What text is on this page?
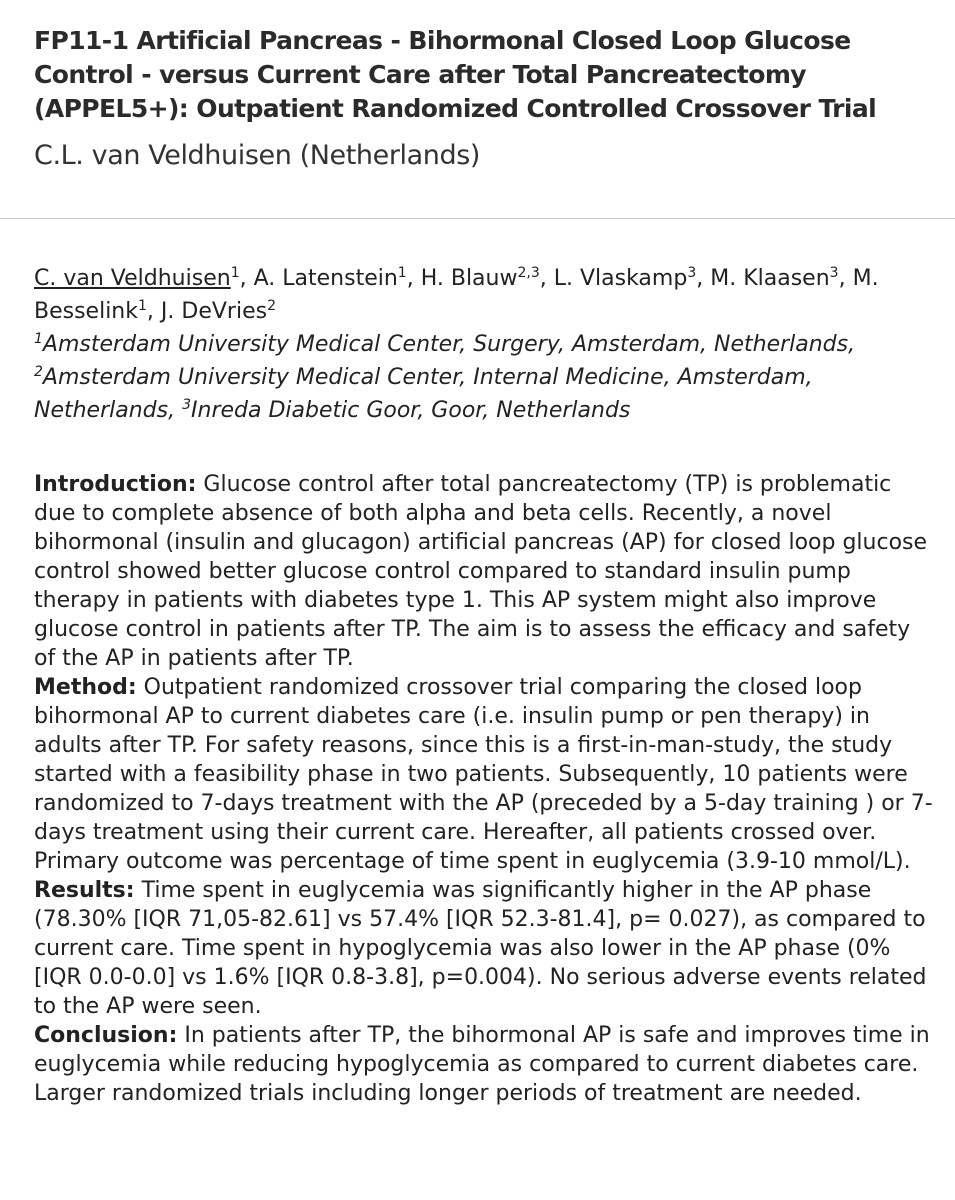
FP11-1 Artificial Pancreas - Bihormonal Closed Loop Glucose Control - versus Current Care after Total Pancreatectomy (APPEL5+): Outpatient Randomized Controlled Crossover Trial
C.L. van Veldhuisen (Netherlands)
C. van Veldhuisen$^1$, A. Latenstein$^1$, H. Blauw$^{2,3}$, L. Vlaskamp$^3$, M. Klaasen$^3$, M. Besselink$^1$, J. DeVries$^2$
$^1$Amsterdam University Medical Center, Surgery, Amsterdam, Netherlands, $^2$Amsterdam University Medical Center, Internal Medicine, Amsterdam, Netherlands, $^3$Inreda Diabetic Goor, Goor, Netherlands

Introduction: Glucose control after total pancreatectomy (TP) is problematic due to complete absence of both alpha and beta cells. Recently, a novel bihormonal (insulin and glucagon) artificial pancreas (AP) for closed loop glucose control showed better glucose control compared to standard insulin pump therapy in patients with diabetes type 1. This AP system might also improve glucose control in patients after TP. The aim is to assess the efficacy and safety of the AP in patients after TP.

Method: Outpatient randomized crossover trial comparing the closed loop bihormonal AP to current diabetes care (i.e. insulin pump or pen therapy) in adults after TP. For safety reasons, since this is a first-in-man-study, the study started with a feasibility phase in two patients. Subsequently, 10 patients were randomized to 7-days treatment with the AP (preceded by a 5-day training ) or 7-days treatment using their current care. Hereafter, all patients crossed over. Primary outcome was percentage of time spent in euglycemia (3.9-10 mmol/L).

Results: Time spent in euglycemia was significantly higher in the AP phase (78.30% [IQR 71,05-82.61] vs 57.4% [IQR 52.3-81.4], p= 0.027), as compared to current care. Time spent in hypoglycemia was also lower in the AP phase (0% [IQR 0.0-0.0] vs 1.6% [IQR 0.8-3.8], p=0.004). No serious adverse events related to the AP were seen.

Conclusion: In patients after TP, the bihormonal AP is safe and improves time in euglycemia while reducing hypoglycemia as compared to current diabetes care. Larger randomized trials including longer periods of treatment are needed.
